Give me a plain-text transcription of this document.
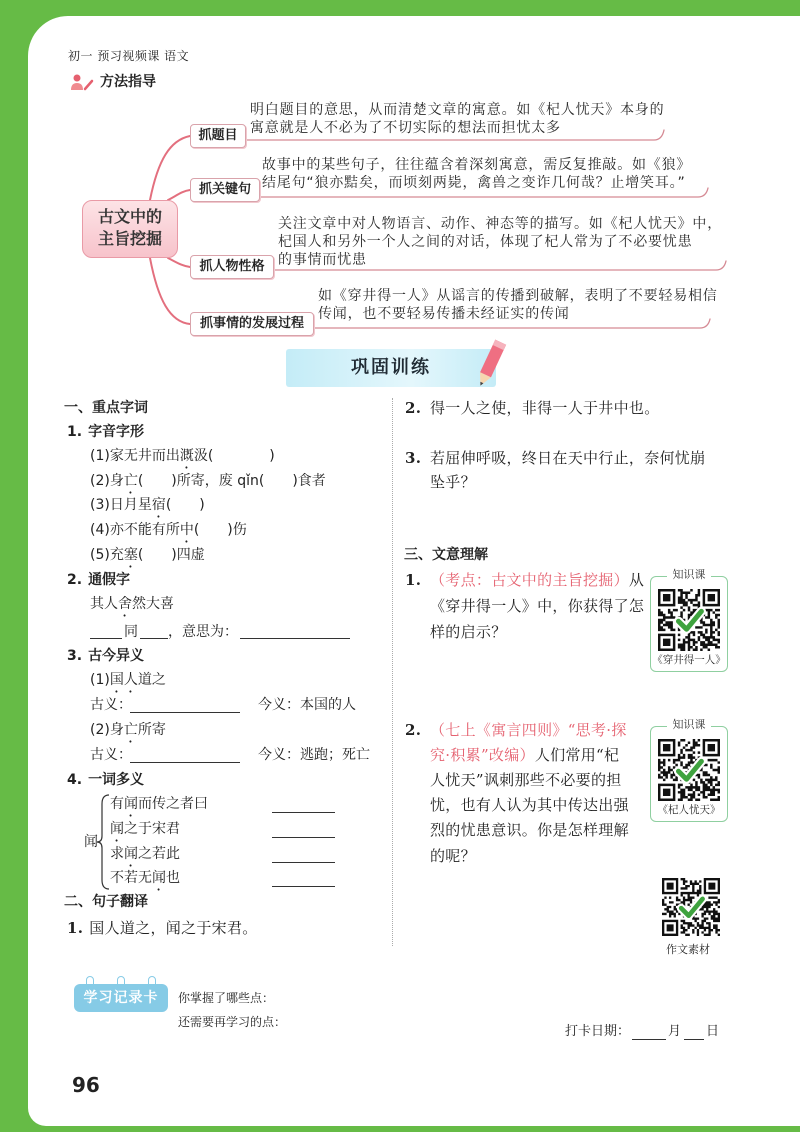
初一 预习视频课 语文
方法指导
古文中的
主旨挖掘
抓题目
抓关键句
抓人物性格
抓事情的发展过程
明白题目的意思，从而清楚文章的寓意。如《杞人忧天》本身的
寓意就是人不必为了不切实际的想法而担忧太多
故事中的某些句子，往往蕴含着深刻寓意，需反复推敲。如《狼》
结尾句“狼亦黠矣，而顷刻两毙，禽兽之变诈几何哉？止增笑耳。”
关注文章中对人物语言、动作、神态等的描写。如《杞人忧天》中，
杞国人和另外一个人之间的对话，体现了杞人常为了不必要忧患
的事情而忧患
如《穿井得一人》从谣言的传播到破解，表明了不要轻易相信
传闻，也不要轻易传播未经证实的传闻
巩固训练
一、重点字词
1. 字音字形
(1)家无井而出溉汲(　　　　)
(2)身亡(　　)所寄，废 qǐn(　　)食者
(3)日月星宿(　　)
(4)亦不能有所中(　　)伤
(5)充塞(　　)四虚
2. 通假字
其人舍然大喜
同 ，意思为：
3. 古今异义
(1)国人道之
古义：	今义：本国的人
(2)身亡所寄
古义：	今义：逃跑；死亡
4. 一词多义
闻
有闻而传之者曰
闻之于宋君
求闻之若此
不若无闻也
二、句子翻译
1. 国人道之，闻之于宋君。
2. 得一人之使，非得一人于井中也。
3. 若屈伸呼吸，终日在天中行止，奈何忧崩
坠乎？
三、文意理解
1. （考点：古文中的主旨挖掘）从
《穿井得一人》中，你获得了怎
样的启示？
知识课
《穿井得一人》
2. （七上《寓言四则》“思考·探
究·积累”改编）人们常用“杞
人忧天”讽刺那些不必要的担
忧，也有人认为其中传达出强
烈的忧患意识。你是怎样理解
的呢？
知识课
《杞人忧天》
作文素材
学习记录卡	你掌握了哪些点：
还需要再学习的点：
打卡日期：	月 日
96
